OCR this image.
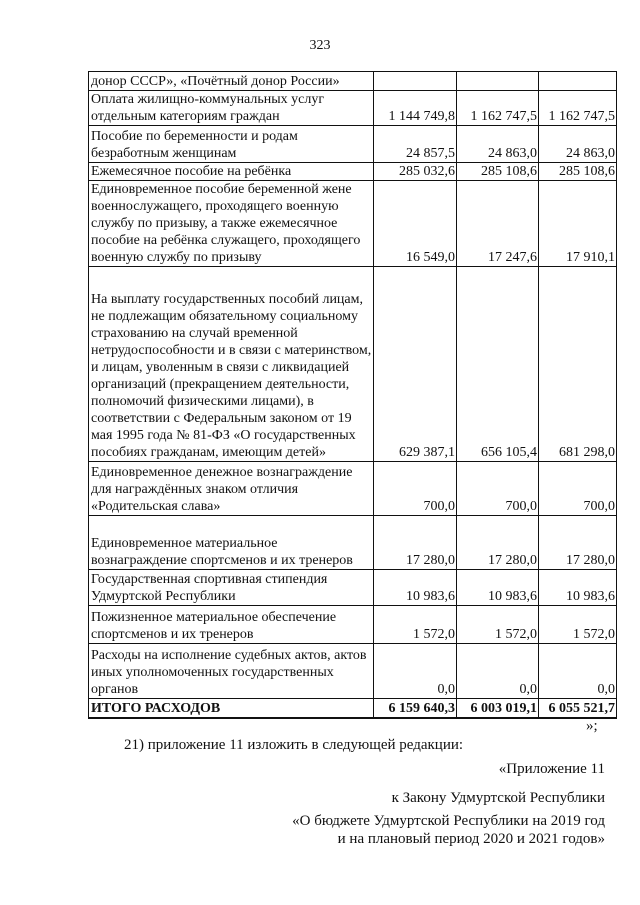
323
донор СССР», «Почётный донор России»			
Оплата жилищно-коммунальных услуг отдельным категориям граждан	1 144 749,8	1 162 747,5	1 162 747,5
Пособие по беременности и родам безработным женщинам	24 857,5	24 863,0	24 863,0
Ежемесячное пособие на ребёнка	285 032,6	285 108,6	285 108,6
Единовременное пособие беременной жене военнослужащего, проходящего военную службу по призыву, а также ежемесячное пособие на ребёнка служащего, проходящего военную службу по призыву	16 549,0	17 247,6	17 910,1
На выплату государственных пособий лицам, не подлежащим обязательному социальному страхованию на случай временной нетрудоспособности и в связи с материнством, и лицам, уволенным в связи с ликвидацией организаций (прекращением деятельности, полномочий физическими лицами), в соответствии с Федеральным законом от 19 мая 1995 года № 81-ФЗ «О государственных пособиях гражданам, имеющим детей»	629 387,1	656 105,4	681 298,0
Единовременное денежное вознаграждение для награждённых знаком отличия «Родительская слава»	700,0	700,0	700,0
Единовременное материальное вознаграждение спортсменов и их тренеров	17 280,0	17 280,0	17 280,0
Государственная спортивная стипендия Удмуртской Республики	10 983,6	10 983,6	10 983,6
Пожизненное материальное обеспечение спортсменов и их тренеров	1 572,0	1 572,0	1 572,0
Расходы на исполнение судебных актов, актов иных уполномоченных государственных органов	0,0	0,0	0,0
ИТОГО РАСХОДОВ	6 159 640,3	6 003 019,1	6 055 521,7
»;
21) приложение 11 изложить в следующей редакции:
«Приложение 11
к Закону Удмуртской Республики
«О бюджете Удмуртской Республики на 2019 год
и на плановый период 2020 и 2021 годов»
